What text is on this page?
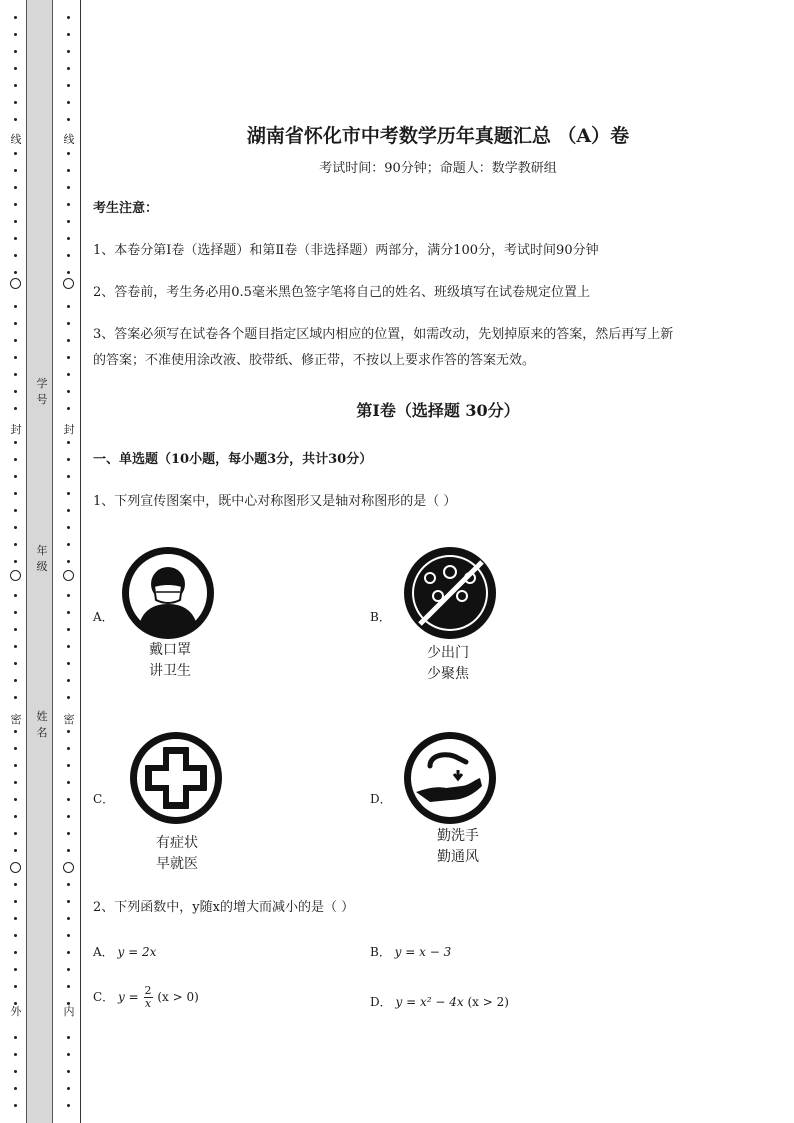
线
封
密
外
线
封
密
内
学号
年级
姓名
湖南省怀化市中考数学历年真题汇总 （A）卷
考试时间：90分钟；命题人：数学教研组
考生注意：
1、本卷分第I卷（选择题）和第Ⅱ卷（非选择题）两部分，满分100分，考试时间90分钟
2、答卷前，考生务必用0.5毫米黑色签字笔将自己的姓名、班级填写在试卷规定位置上
3、答案必须写在试卷各个题目指定区域内相应的位置，如需改动，先划掉原来的答案，然后再写上新
的答案；不准使用涂改液、胶带纸、修正带，不按以上要求作答的答案无效。
第I卷（选择题 30分）
一、单选题（10小题，每小题3分，共计30分）
1、下列宣传图案中，既中心对称图形又是轴对称图形的是（ ）
A．
戴口罩
讲卫生
B．
少出门
少聚焦
C．
有症状
早就医
D．
勤洗手
勤通风
2、下列函数中，y随x的增大而减小的是（ ）
A． y = 2x	B． y = x − 3
C． $y = \frac{2}{x} (x > 0)$	D． y = x² − 4x (x > 2)
